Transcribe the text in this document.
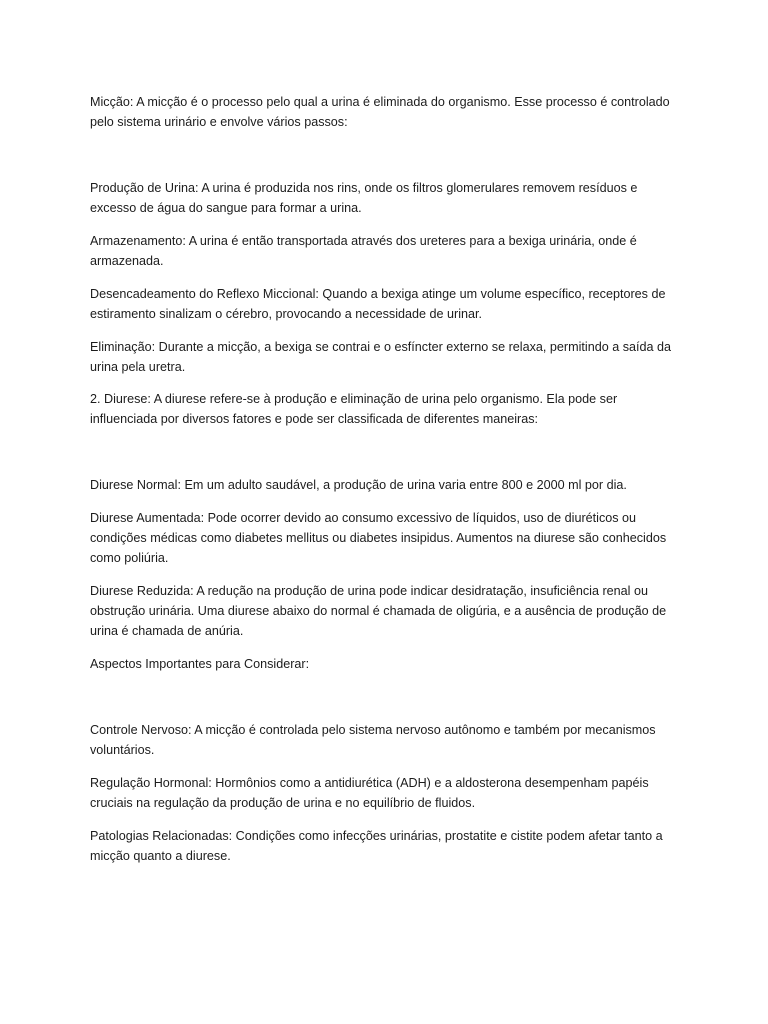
Micção: A micção é o processo pelo qual a urina é eliminada do organismo. Esse processo é controlado pelo sistema urinário e envolve vários passos:

Produção de Urina: A urina é produzida nos rins, onde os filtros glomerulares removem resíduos e excesso de água do sangue para formar a urina.

Armazenamento: A urina é então transportada através dos ureteres para a bexiga urinária, onde é armazenada.

Desencadeamento do Reflexo Miccional: Quando a bexiga atinge um volume específico, receptores de estiramento sinalizam o cérebro, provocando a necessidade de urinar.

Eliminação: Durante a micção, a bexiga se contrai e o esfíncter externo se relaxa, permitindo a saída da urina pela uretra.

2. Diurese: A diurese refere-se à produção e eliminação de urina pelo organismo. Ela pode ser influenciada por diversos fatores e pode ser classificada de diferentes maneiras:

Diurese Normal: Em um adulto saudável, a produção de urina varia entre 800 e 2000 ml por dia.

Diurese Aumentada: Pode ocorrer devido ao consumo excessivo de líquidos, uso de diuréticos ou condições médicas como diabetes mellitus ou diabetes insipidus. Aumentos na diurese são conhecidos como poliúria.

Diurese Reduzida: A redução na produção de urina pode indicar desidratação, insuficiência renal ou obstrução urinária. Uma diurese abaixo do normal é chamada de oligúria, e a ausência de produção de urina é chamada de anúria.

Aspectos Importantes para Considerar:

Controle Nervoso: A micção é controlada pelo sistema nervoso autônomo e também por mecanismos voluntários.

Regulação Hormonal: Hormônios como a antidiurética (ADH) e a aldosterona desempenham papéis cruciais na regulação da produção de urina e no equilíbrio de fluidos.

Patologias Relacionadas: Condições como infecções urinárias, prostatite e cistite podem afetar tanto a micção quanto a diurese.
